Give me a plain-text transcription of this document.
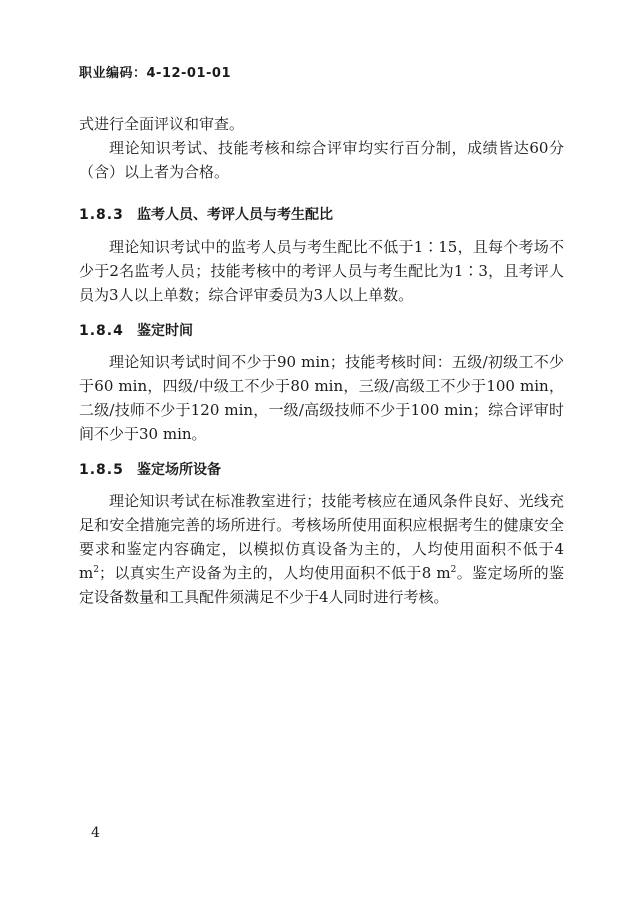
职业编码：4-12-01-01

式进行全面评议和审查。

理论知识考试、技能考核和综合评审均实行百分制，成绩皆达60分（含）以上者为合格。

1.8.3 监考人员、考评人员与考生配比

理论知识考试中的监考人员与考生配比不低于1∶15，且每个考场不少于2名监考人员；技能考核中的考评人员与考生配比为1∶3，且考评人员为3人以上单数；综合评审委员为3人以上单数。

1.8.4 鉴定时间

理论知识考试时间不少于90 min；技能考核时间：五级/初级工不少于60 min，四级/中级工不少于80 min，三级/高级工不少于100 min，二级/技师不少于120 min，一级/高级技师不少于100 min；综合评审时间不少于30 min。

1.8.5 鉴定场所设备

理论知识考试在标准教室进行；技能考核应在通风条件良好、光线充足和安全措施完善的场所进行。考核场所使用面积应根据考生的健康安全要求和鉴定内容确定，以模拟仿真设备为主的，人均使用面积不低于4 $m^2$；以真实生产设备为主的，人均使用面积不低于8 $m^2$。鉴定场所的鉴定设备数量和工具配件须满足不少于4人同时进行考核。

4
